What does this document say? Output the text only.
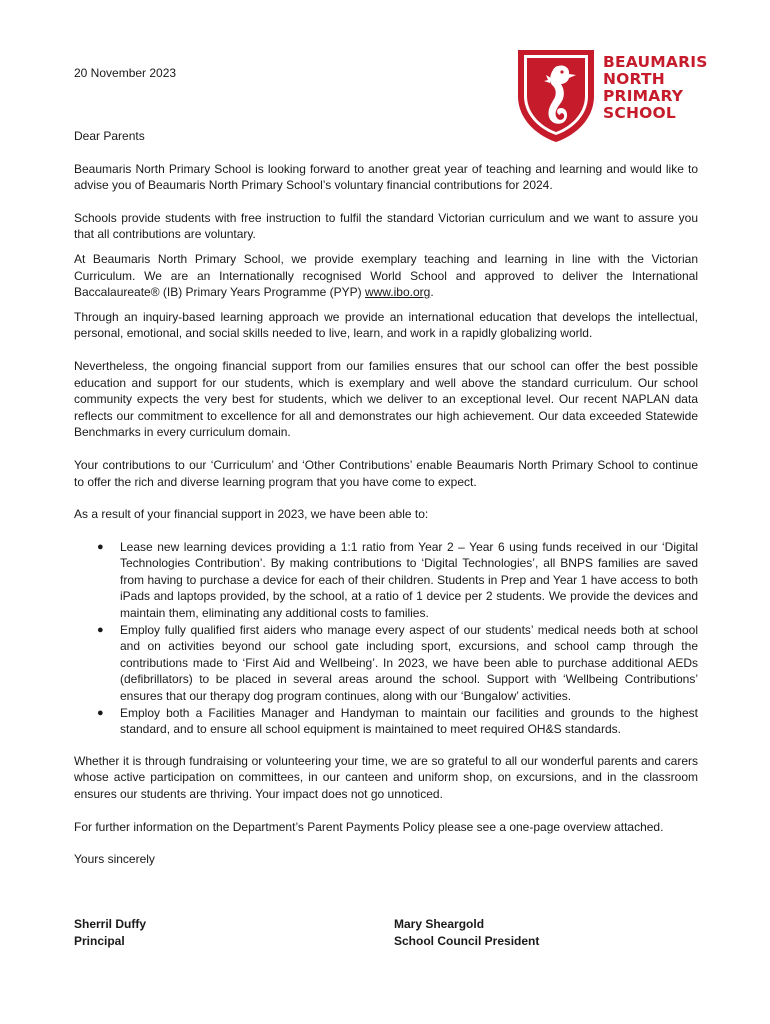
20 November 2023
BEAUMARIS
NORTH
PRIMARY
SCHOOL

Dear Parents

Beaumaris North Primary School is looking forward to another great year of teaching and learning and would like to advise you of Beaumaris North Primary School’s voluntary financial contributions for 2024.

Schools provide students with free instruction to fulfil the standard Victorian curriculum and we want to assure you that all contributions are voluntary.

At Beaumaris North Primary School, we provide exemplary teaching and learning in line with the Victorian Curriculum. We are an Internationally recognised World School and approved to deliver the International Baccalaureate® (IB) Primary Years Programme (PYP) www.ibo.org.

Through an inquiry-based learning approach we provide an international education that develops the intellectual, personal, emotional, and social skills needed to live, learn, and work in a rapidly globalizing world.

Nevertheless, the ongoing financial support from our families ensures that our school can offer the best possible education and support for our students, which is exemplary and well above the standard curriculum. Our school community expects the very best for students, which we deliver to an exceptional level. Our recent NAPLAN data reflects our commitment to excellence for all and demonstrates our high achievement. Our data exceeded Statewide Benchmarks in every curriculum domain.

Your contributions to our ‘Curriculum’ and ‘Other Contributions’ enable Beaumaris North Primary School to continue to offer the rich and diverse learning program that you have come to expect.

As a result of your financial support in 2023, we have been able to:

● Lease new learning devices providing a 1:1 ratio from Year 2 – Year 6 using funds received in our ‘Digital Technologies Contribution’. By making contributions to ‘Digital Technologies’, all BNPS families are saved from having to purchase a device for each of their children. Students in Prep and Year 1 have access to both iPads and laptops provided, by the school, at a ratio of 1 device per 2 students. We provide the devices and maintain them, eliminating any additional costs to families.
● Employ fully qualified first aiders who manage every aspect of our students’ medical needs both at school and on activities beyond our school gate including sport, excursions, and school camp through the contributions made to ‘First Aid and Wellbeing’. In 2023, we have been able to purchase additional AEDs (defibrillators) to be placed in several areas around the school. Support with ‘Wellbeing Contributions’ ensures that our therapy dog program continues, along with our ‘Bungalow’ activities.
● Employ both a Facilities Manager and Handyman to maintain our facilities and grounds to the highest standard, and to ensure all school equipment is maintained to meet required OH&S standards.

Whether it is through fundraising or volunteering your time, we are so grateful to all our wonderful parents and carers whose active participation on committees, in our canteen and uniform shop, on excursions, and in the classroom ensures our students are thriving. Your impact does not go unnoticed.

For further information on the Department’s Parent Payments Policy please see a one-page overview attached.

Yours sincerely

Sherril Duffy
Principal
Mary Sheargold
School Council President
